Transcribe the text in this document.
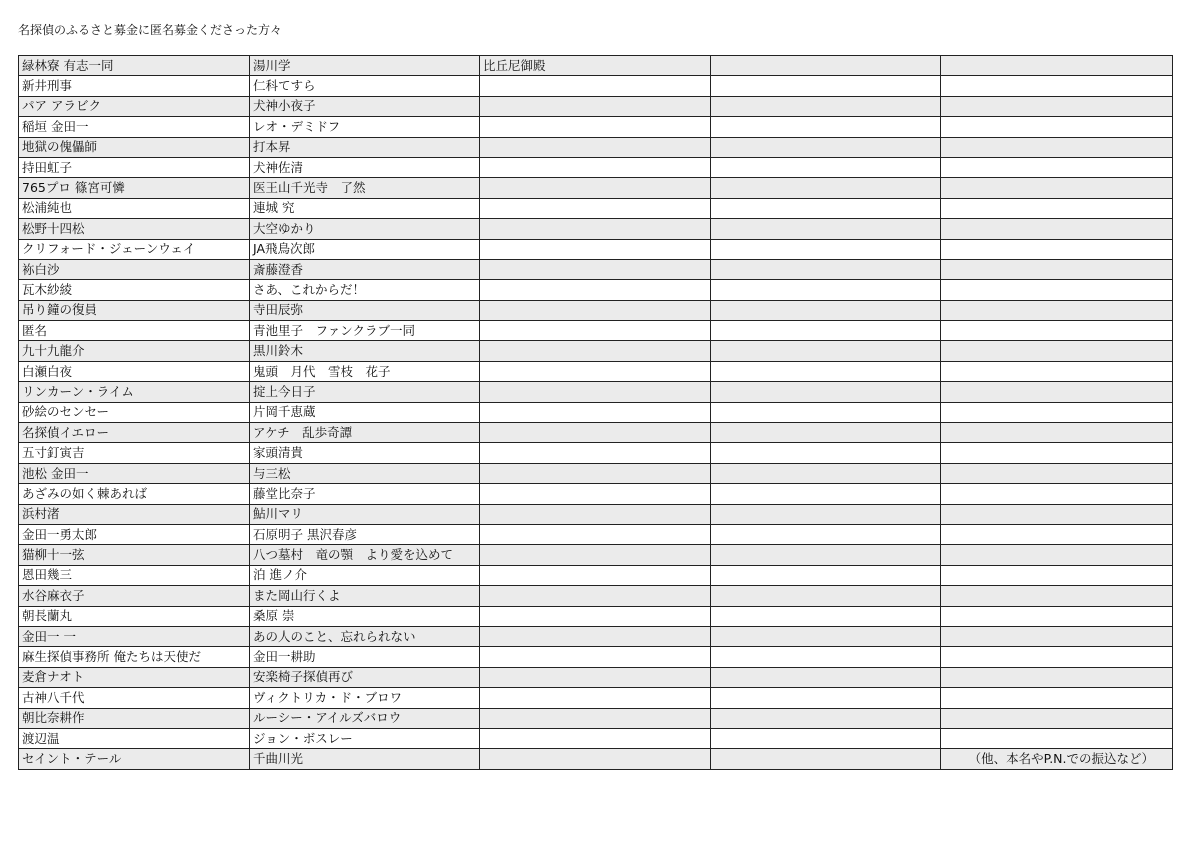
名探偵のふるさと募金に匿名募金くださった方々
緑林寮 有志一同	湯川学	比丘尼御殿		
新井刑事	仁科てすら			
パア アラビク	犬神小夜子			
稲垣 金田一	レオ・デミドフ			
地獄の傀儡師	打本昇			
持田虹子	犬神佐清			
765プロ 篠宮可憐	医王山千光寺　了然			
松浦純也	連城 究			
松野十四松	大空ゆかり			
クリフォード・ジェーンウェイ	JA飛鳥次郎			
袮白沙	斎藤澄香			
瓦木紗綾	さあ、これからだ！			
吊り鐘の復員	寺田辰弥			
匿名	青池里子　ファンクラブ一同			
九十九龍介	黒川鈴木			
白瀬白夜	鬼頭　月代　雪枝　花子			
リンカーン・ライム	掟上今日子			
砂絵のセンセー	片岡千恵蔵			
名探偵イエロー	アケチ　乱歩奇譚			
五寸釘寅吉	家頭清貴			
池松 金田一	与三松			
あざみの如く棘あれば	藤堂比奈子			
浜村渚	鮎川マリ			
金田一勇太郎	石原明子 黒沢春彦			
猫柳十一弦	八つ墓村　竜の顎　より愛を込めて			
恩田幾三	泊 進ノ介			
水谷麻衣子	また岡山行くよ			
朝長蘭丸	桑原 崇			
金田一 一	あの人のこと、忘れられない			
麻生探偵事務所 俺たちは天使だ	金田一耕助			
麦倉ナオト	安楽椅子探偵再び			
古神八千代	ヴィクトリカ・ド・ブロワ			
朝比奈耕作	ルーシー・アイルズバロウ			
渡辺温	ジョン・ボスレー			
セイント・テール	千曲川光			（他、本名やP.N.での振込など）
